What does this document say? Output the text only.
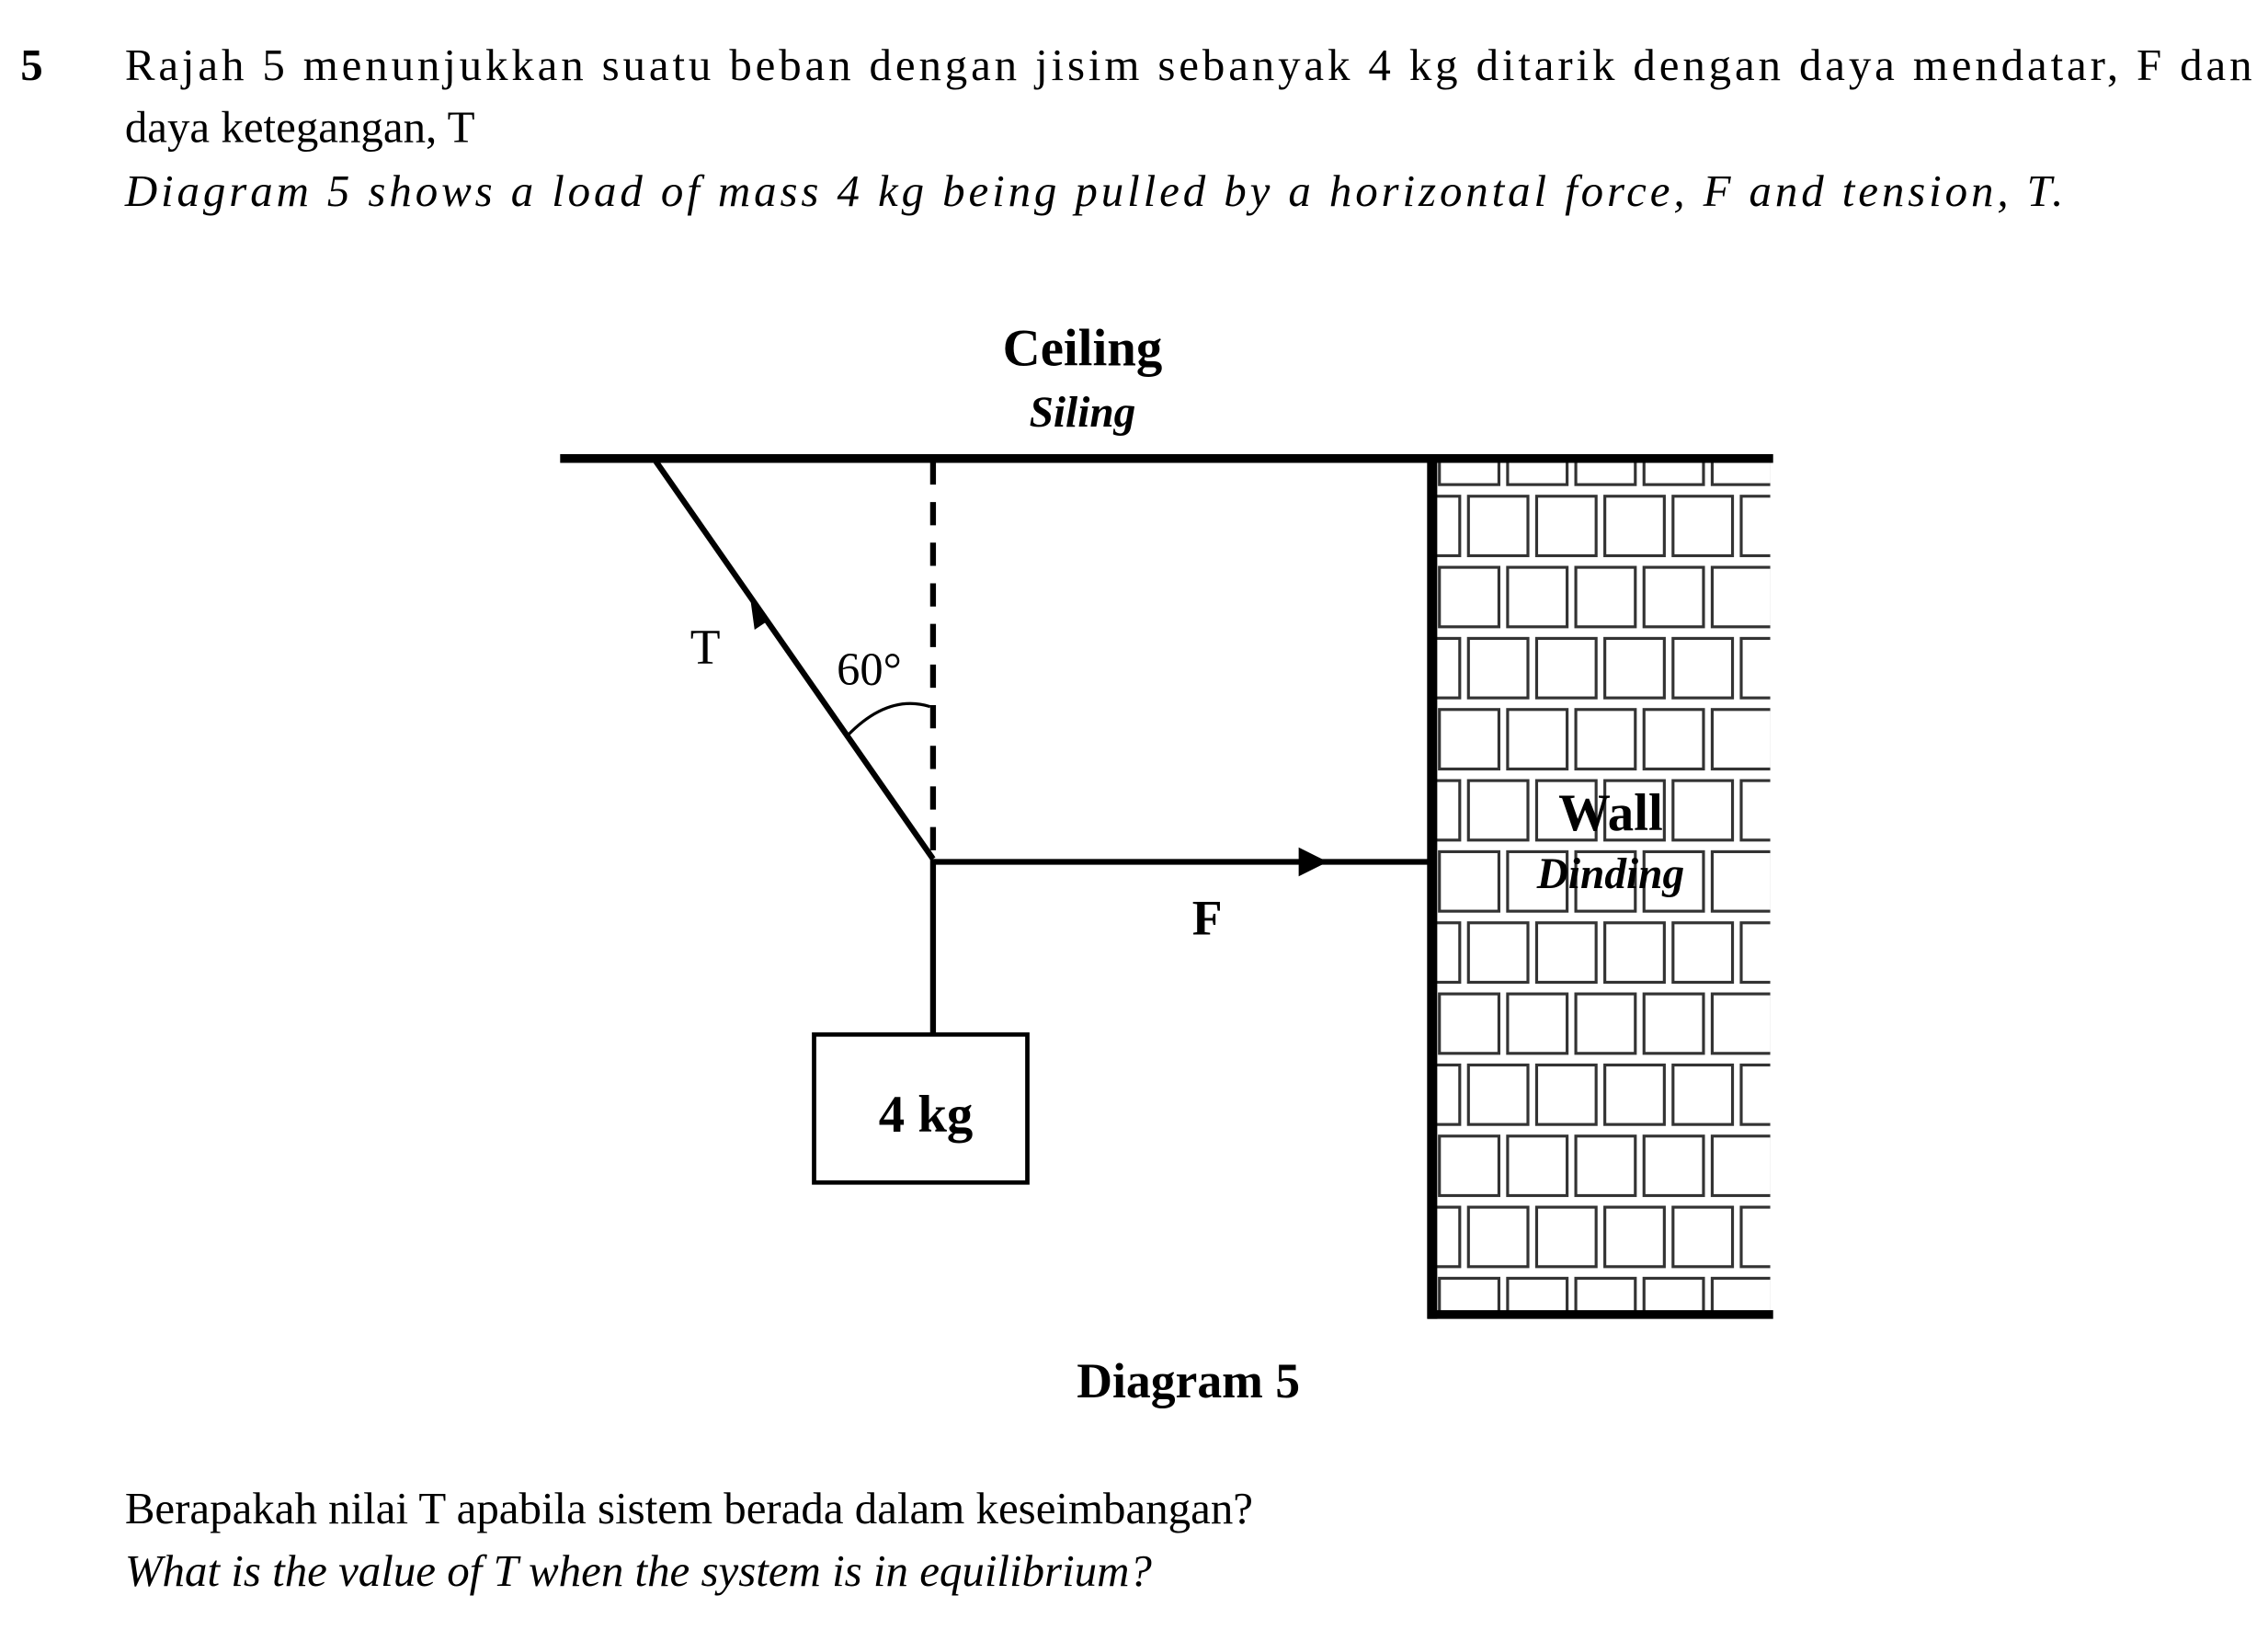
5	Rajah 5 menunjukkan suatu beban dengan jisim sebanyak 4 kg ditarik dengan daya mendatar, F dan
daya ketegangan, T
Diagram 5 shows a load of mass 4 kg being pulled by a horizontal force, F and tension, T.
Ceiling
Siling
T	60°
F
4 kg
Wall
Dinding
Diagram 5
Berapakah nilai T apabila sistem berada dalam keseimbangan?
What is the value of T when the system is in equilibrium?
